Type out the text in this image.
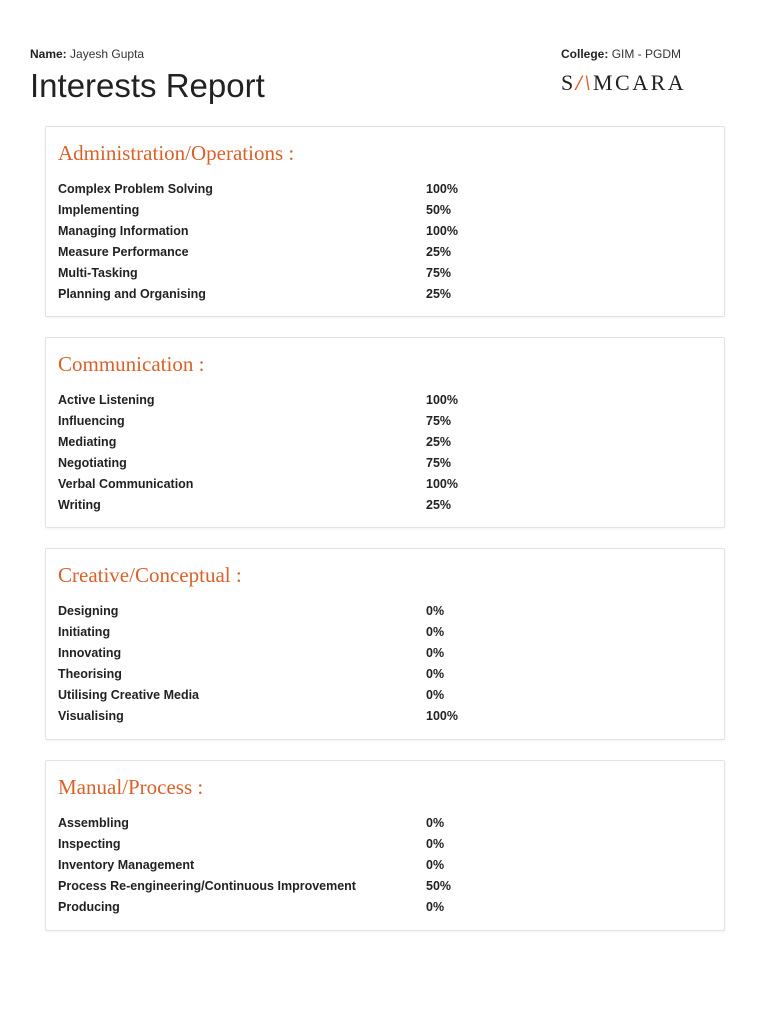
Name: Jayesh Gupta
Interests Report
College: GIM - PGDM
S/\MCARA
Administration/Operations :
Complex Problem Solving	100%
Implementing	50%
Managing Information	100%
Measure Performance	25%
Multi-Tasking	75%
Planning and Organising	25%
Communication :
Active Listening	100%
Influencing	75%
Mediating	25%
Negotiating	75%
Verbal Communication	100%
Writing	25%
Creative/Conceptual :
Designing	0%
Initiating	0%
Innovating	0%
Theorising	0%
Utilising Creative Media	0%
Visualising	100%
Manual/Process :
Assembling	0%
Inspecting	0%
Inventory Management	0%
Process Re-engineering/Continuous Improvement	50%
Producing	0%
